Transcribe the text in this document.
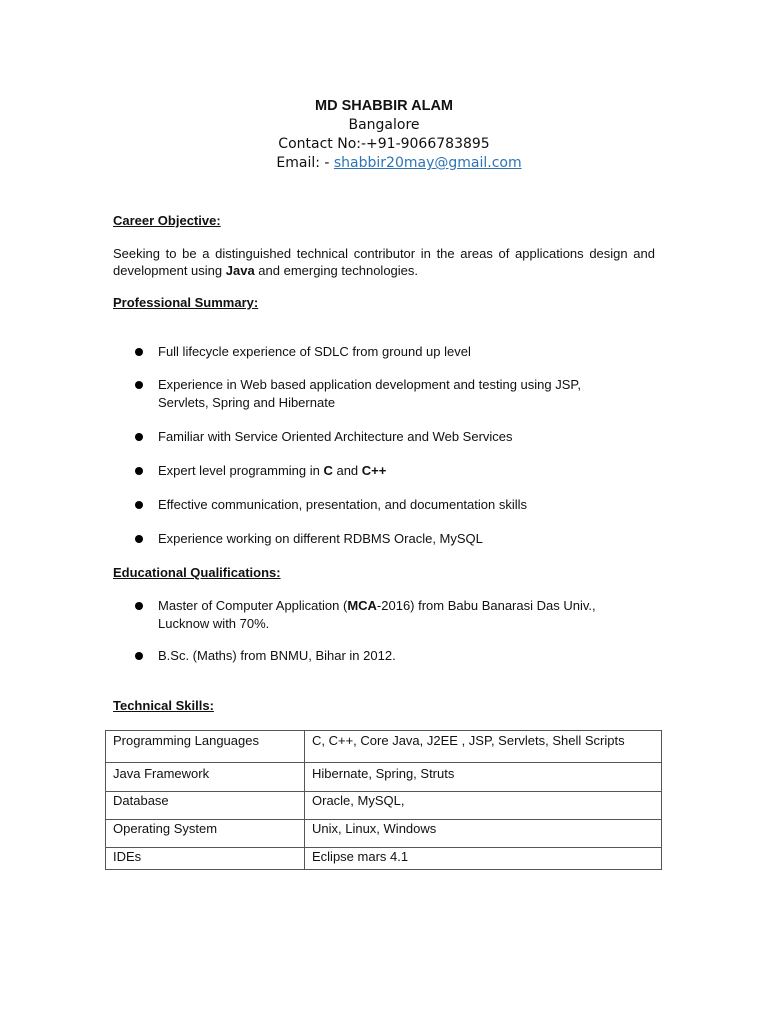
MD SHABBIR ALAM
Bangalore
Contact No:-+91-9066783895
Email: - shabbir20may@gmail.com
Career Objective:
Seeking to be a distinguished technical contributor in the areas of applications design and development using Java and emerging technologies.
Professional Summary:
Full lifecycle experience of SDLC from ground up level
Experience in Web based application development and testing using JSP, Servlets, Spring and Hibernate
Familiar with Service Oriented Architecture and Web Services
Expert level programming in C and C++
Effective communication, presentation, and documentation skills
Experience working on different RDBMS Oracle, MySQL
Educational Qualifications:
Master of Computer Application (MCA-2016) from Babu Banarasi Das Univ., Lucknow with 70%.
B.Sc. (Maths) from BNMU, Bihar in 2012.
Technical Skills:
Programming Languages	C, C++, Core Java, J2EE , JSP, Servlets, Shell Scripts
Java Framework	Hibernate, Spring, Struts
Database	Oracle, MySQL,
Operating System	Unix, Linux, Windows
IDEs	Eclipse mars 4.1
